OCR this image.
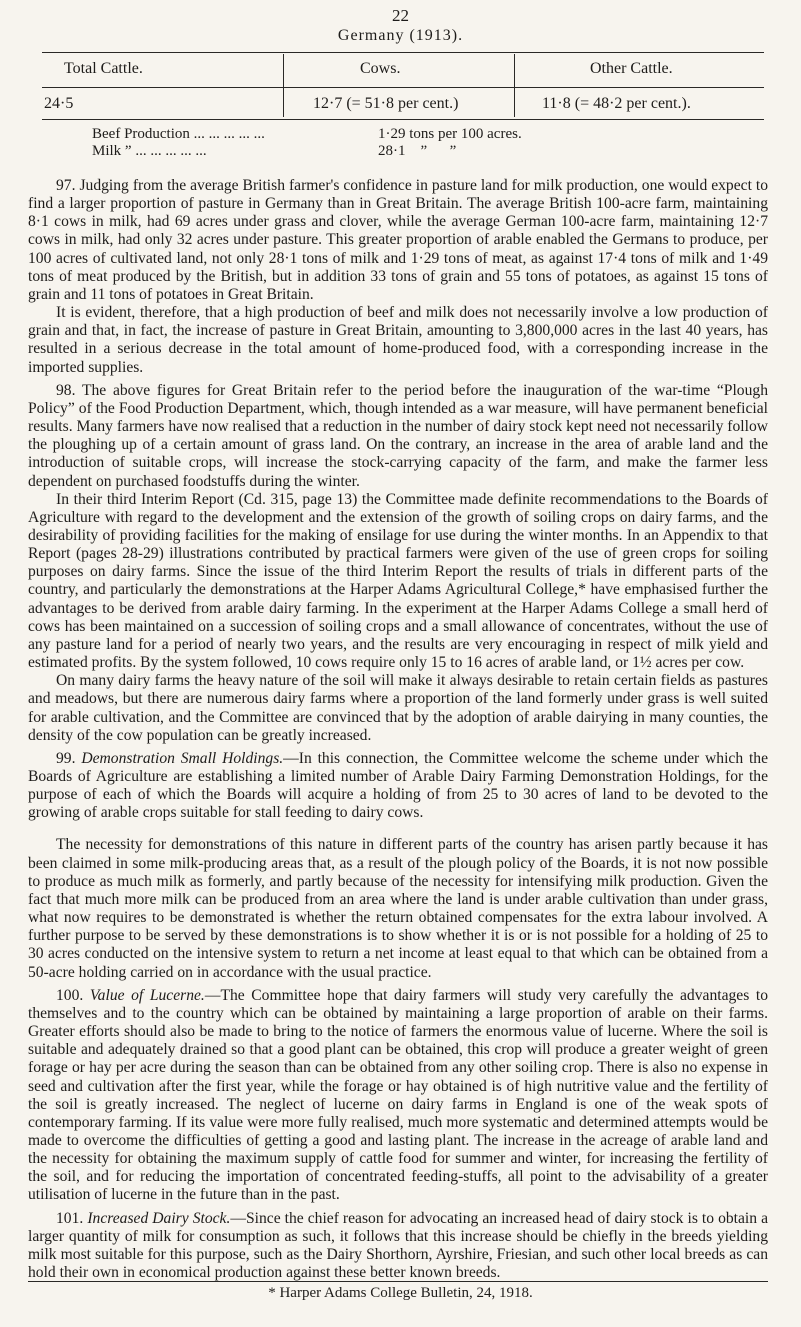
22
Germany (1913).
Total Cattle.	Cows.	Other Cattle.
24·5	12·7 (= 51·8 per cent.)	11·8 (= 48·2 per cent.).
Beef Production ... ... ... ... ...	1·29 tons per 100 acres.
Milk ” ... ... ... ... ...	28·1    ”      ”

97. Judging from the average British farmer's confidence in pasture land for milk production, one would expect to find a larger proportion of pasture in Germany than in Great Britain. The average British 100-acre farm, maintaining 8·1 cows in milk, had 69 acres under grass and clover, while the average German 100-acre farm, maintaining 12·7 cows in milk, had only 32 acres under pasture. This greater proportion of arable enabled the Germans to produce, per 100 acres of cultivated land, not only 28·1 tons of milk and 1·29 tons of meat, as against 17·4 tons of milk and 1·49 tons of meat produced by the British, but in addition 33 tons of grain and 55 tons of potatoes, as against 15 tons of grain and 11 tons of potatoes in Great Britain.

It is evident, therefore, that a high production of beef and milk does not necessarily involve a low production of grain and that, in fact, the increase of pasture in Great Britain, amounting to 3,800,000 acres in the last 40 years, has resulted in a serious decrease in the total amount of home-produced food, with a corresponding increase in the imported supplies.

98. The above figures for Great Britain refer to the period before the inauguration of the war-time “Plough Policy” of the Food Production Department, which, though intended as a war measure, will have permanent beneficial results. Many farmers have now realised that a reduction in the number of dairy stock kept need not necessarily follow the ploughing up of a certain amount of grass land. On the contrary, an increase in the area of arable land and the introduction of suitable crops, will increase the stock-carrying capacity of the farm, and make the farmer less dependent on purchased foodstuffs during the winter.

In their third Interim Report (Cd. 315, page 13) the Committee made definite recommendations to the Boards of Agriculture with regard to the development and the extension of the growth of soiling crops on dairy farms, and the desirability of providing facilities for the making of ensilage for use during the winter months. In an Appendix to that Report (pages 28-29) illustrations contributed by practical farmers were given of the use of green crops for soiling purposes on dairy farms. Since the issue of the third Interim Report the results of trials in different parts of the country, and particularly the demonstrations at the Harper Adams Agricultural College,* have emphasised further the advantages to be derived from arable dairy farming. In the experiment at the Harper Adams College a small herd of cows has been maintained on a succession of soiling crops and a small allowance of concentrates, without the use of any pasture land for a period of nearly two years, and the results are very encouraging in respect of milk yield and estimated profits. By the system followed, 10 cows require only 15 to 16 acres of arable land, or 1½ acres per cow.

On many dairy farms the heavy nature of the soil will make it always desirable to retain certain fields as pastures and meadows, but there are numerous dairy farms where a proportion of the land formerly under grass is well suited for arable cultivation, and the Committee are convinced that by the adoption of arable dairying in many counties, the density of the cow population can be greatly increased.

99. Demonstration Small Holdings.—In this connection, the Committee welcome the scheme under which the Boards of Agriculture are establishing a limited number of Arable Dairy Farming Demonstration Holdings, for the purpose of each of which the Boards will acquire a holding of from 25 to 30 acres of land to be devoted to the growing of arable crops suitable for stall feeding to dairy cows.

The necessity for demonstrations of this nature in different parts of the country has arisen partly because it has been claimed in some milk-producing areas that, as a result of the plough policy of the Boards, it is not now possible to produce as much milk as formerly, and partly because of the necessity for intensifying milk production. Given the fact that much more milk can be produced from an area where the land is under arable cultivation than under grass, what now requires to be demonstrated is whether the return obtained compensates for the extra labour involved. A further purpose to be served by these demonstrations is to show whether it is or is not possible for a holding of 25 to 30 acres conducted on the intensive system to return a net income at least equal to that which can be obtained from a 50-acre holding carried on in accordance with the usual practice.

100. Value of Lucerne.—The Committee hope that dairy farmers will study very carefully the advantages to themselves and to the country which can be obtained by maintaining a large proportion of arable on their farms. Greater efforts should also be made to bring to the notice of farmers the enormous value of lucerne. Where the soil is suitable and adequately drained so that a good plant can be obtained, this crop will produce a greater weight of green forage or hay per acre during the season than can be obtained from any other soiling crop. There is also no expense in seed and cultivation after the first year, while the forage or hay obtained is of high nutritive value and the fertility of the soil is greatly increased. The neglect of lucerne on dairy farms in England is one of the weak spots of contemporary farming. If its value were more fully realised, much more systematic and determined attempts would be made to overcome the difficulties of getting a good and lasting plant. The increase in the acreage of arable land and the necessity for obtaining the maximum supply of cattle food for summer and winter, for increasing the fertility of the soil, and for reducing the importation of concentrated feeding-stuffs, all point to the advisability of a greater utilisation of lucerne in the future than in the past.

101. Increased Dairy Stock.—Since the chief reason for advocating an increased head of dairy stock is to obtain a larger quantity of milk for consumption as such, it follows that this increase should be chiefly in the breeds yielding milk most suitable for this purpose, such as the Dairy Shorthorn, Ayrshire, Friesian, and such other local breeds as can hold their own in economical production against these better known breeds.

* Harper Adams College Bulletin, 24, 1918.
